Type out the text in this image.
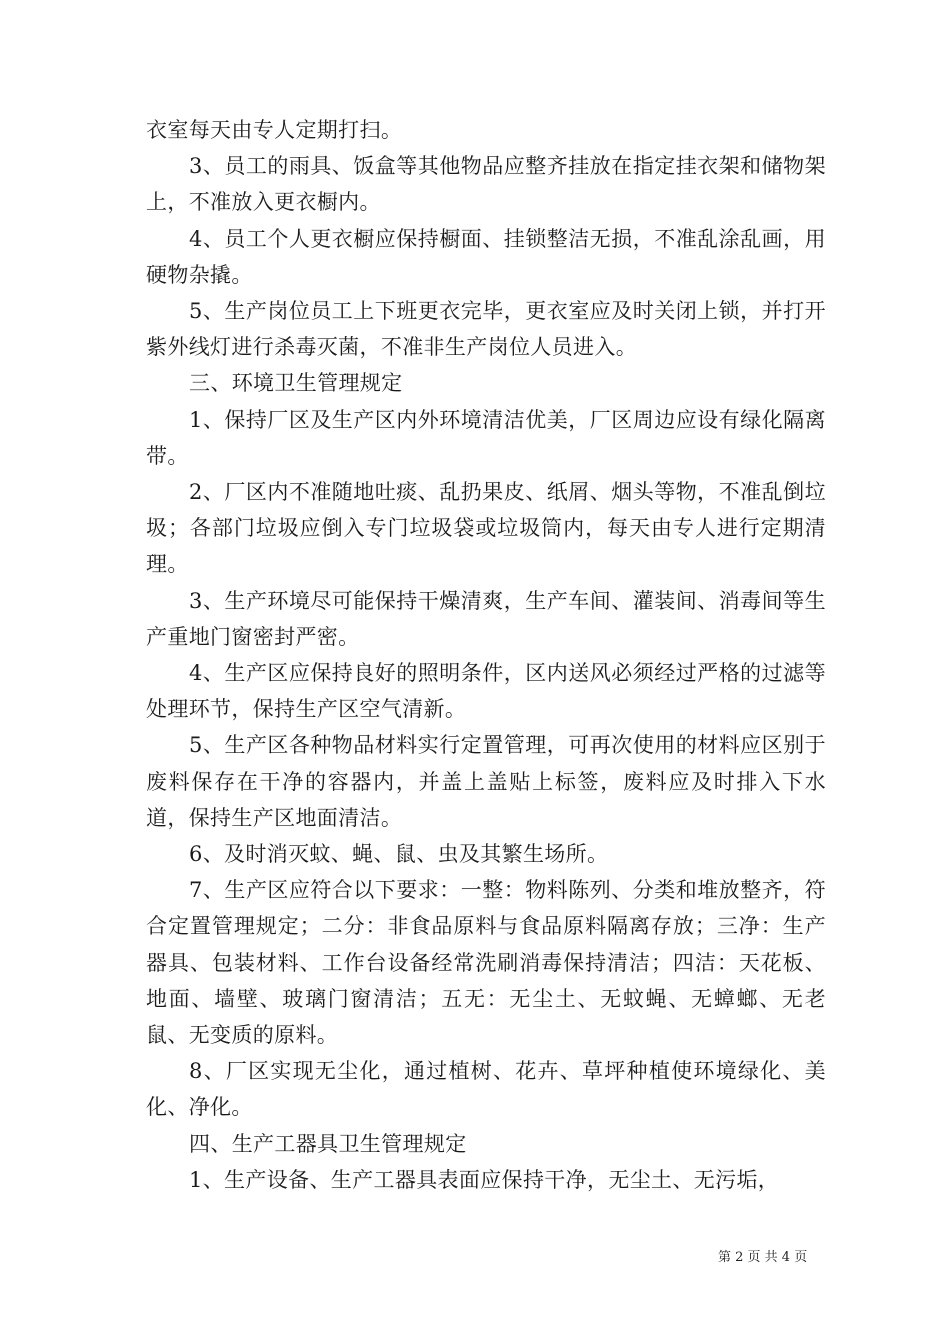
衣室每天由专人定期打扫。

3、员工的雨具、饭盒等其他物品应整齐挂放在指定挂衣架和储物架上，不准放入更衣橱内。

4、员工个人更衣橱应保持橱面、挂锁整洁无损，不准乱涂乱画，用硬物杂撬。

5、生产岗位员工上下班更衣完毕，更衣室应及时关闭上锁，并打开紫外线灯进行杀毒灭菌，不准非生产岗位人员进入。

三、环境卫生管理规定

1、保持厂区及生产区内外环境清洁优美，厂区周边应设有绿化隔离带。

2、厂区内不准随地吐痰、乱扔果皮、纸屑、烟头等物，不准乱倒垃圾；各部门垃圾应倒入专门垃圾袋或垃圾筒内，每天由专人进行定期清理。

3、生产环境尽可能保持干燥清爽，生产车间、灌装间、消毒间等生产重地门窗密封严密。

4、生产区应保持良好的照明条件，区内送风必须经过严格的过滤等处理环节，保持生产区空气清新。

5、生产区各种物品材料实行定置管理，可再次使用的材料应区别于废料保存在干净的容器内，并盖上盖贴上标签，废料应及时排入下水道，保持生产区地面清洁。

6、及时消灭蚊、蝇、鼠、虫及其繁生场所。

7、生产区应符合以下要求：一整：物料陈列、分类和堆放整齐，符合定置管理规定；二分：非食品原料与食品原料隔离存放；三净：生产器具、包装材料、工作台设备经常洗刷消毒保持清洁；四洁：天花板、地面、墙壁、玻璃门窗清洁；五无：无尘土、无蚊蝇、无蟑螂、无老鼠、无变质的原料。

8、厂区实现无尘化，通过植树、花卉、草坪种植使环境绿化、美化、净化。

四、生产工器具卫生管理规定

1、生产设备、生产工器具表面应保持干净，无尘土、无污垢，

第 2 页 共 4 页
